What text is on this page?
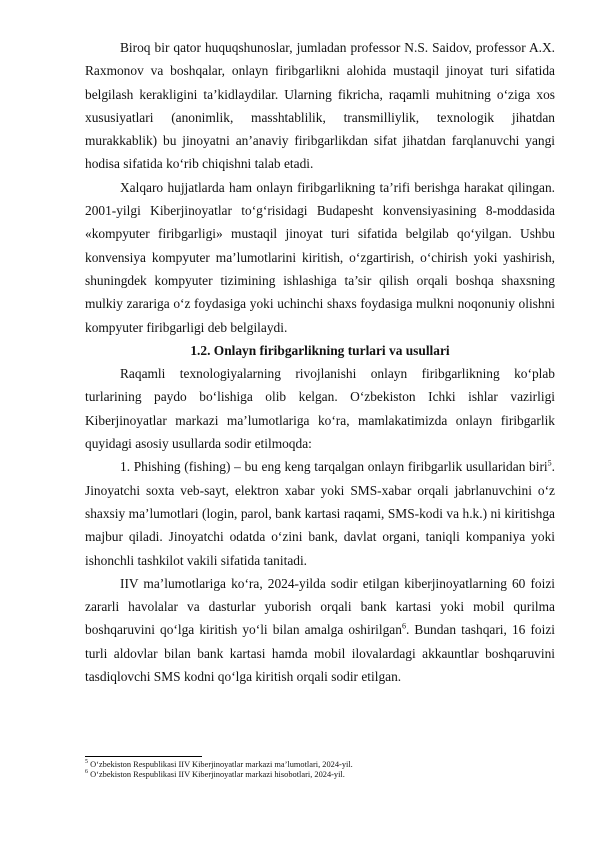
Biroq bir qator huquqshunoslar, jumladan professor N.S. Saidov, professor A.X. Raxmonov va boshqalar, onlayn firibgarlikni alohida mustaqil jinoyat turi sifatida belgilash kerakligini ta’kidlaydilar. Ularning fikricha, raqamli muhitning o‘ziga xos xususiyatlari (anonimlik, masshtablilik, transmilliylik, texnologik jihatdan murakkablik) bu jinoyatni an’anaviy firibgarlikdan sifat jihatdan farqlanuvchi yangi hodisa sifatida ko‘rib chiqishni talab etadi.

Xalqaro hujjatlarda ham onlayn firibgarlikning ta’rifi berishga harakat qilingan. 2001-yilgi Kiberjinoyatlar to‘g‘risidagi Budapesht konvensiyasining 8-moddasida «kompyuter firibgarligi» mustaqil jinoyat turi sifatida belgilab qo‘yilgan. Ushbu konvensiya kompyuter ma’lumotlarini kiritish, o‘zgartirish, o‘chirish yoki yashirish, shuningdek kompyuter tizimining ishlashiga ta’sir qilish orqali boshqa shaxsning mulkiy zarariga o‘z foydasiga yoki uchinchi shaxs foydasiga mulkni noqonuniy olishni kompyuter firibgarligi deb belgilaydi.

1.2. Onlayn firibgarlikning turlari va usullari

Raqamli texnologiyalarning rivojlanishi onlayn firibgarlikning ko‘plab turlarining paydo bo‘lishiga olib kelgan. O‘zbekiston Ichki ishlar vazirligi Kiberjinoyatlar markazi ma’lumotlariga ko‘ra, mamlakatimizda onlayn firibgarlik quyidagi asosiy usullarda sodir etilmoqda:

1. Phishing (fishing) – bu eng keng tarqalgan onlayn firibgarlik usullaridan biri$^5$. Jinoyatchi soxta veb-sayt, elektron xabar yoki SMS-xabar orqali jabrlanuvchini o‘z shaxsiy ma’lumotlari (login, parol, bank kartasi raqami, SMS-kodi va h.k.) ni kiritishga majbur qiladi. Jinoyatchi odatda o‘zini bank, davlat organi, taniqli kompaniya yoki ishonchli tashkilot vakili sifatida tanitadi.

IIV ma’lumotlariga ko‘ra, 2024-yilda sodir etilgan kiberjinoyatlarning 60 foizi zararli havolalar va dasturlar yuborish orqali bank kartasi yoki mobil qurilma boshqaruvini qo‘lga kiritish yo‘li bilan amalga oshirilgan$^6$. Bundan tashqari, 16 foizi turli aldovlar bilan bank kartasi hamda mobil ilovalardagi akkauntlar boshqaruvini tasdiqlovchi SMS kodni qo‘lga kiritish orqali sodir etilgan.

$^5$ O‘zbekiston Respublikasi IIV Kiberjinoyatlar markazi ma’lumotlari, 2024-yil.
$^6$ O‘zbekiston Respublikasi IIV Kiberjinoyatlar markazi hisobotlari, 2024-yil.
